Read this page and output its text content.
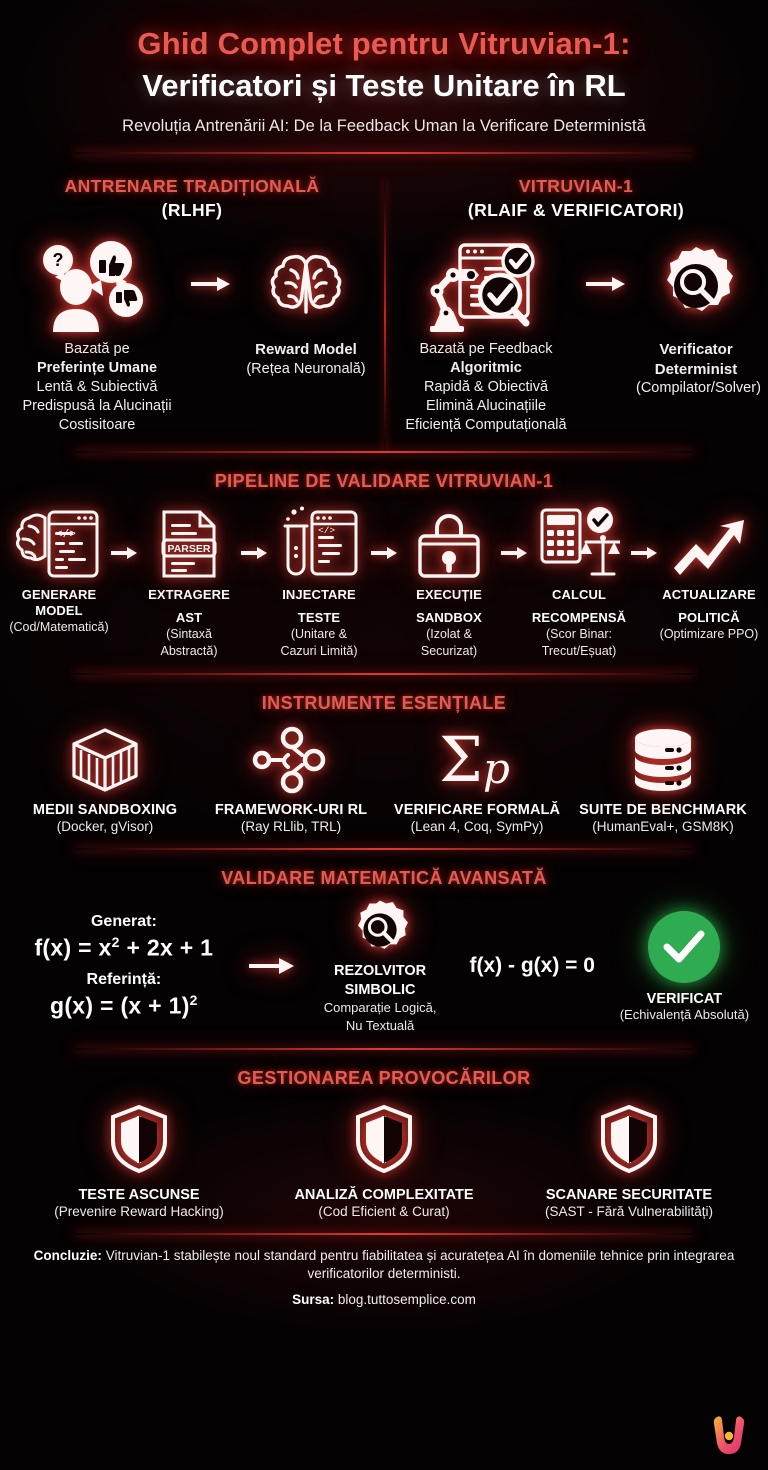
Ghid Complet pentru Vitruvian-1:
Verificatori și Teste Unitare în RL
Revoluția Antrenării AI: De la Feedback Uman la Verificare Deterministă
ANTRENARE TRADIȚIONALĂ
(RLHF)
?
Bazată pe
Preferințe Umane
Lentă & Subiectivă
Predispusă la Alucinații
Costisitoare
Reward Model
(Rețea Neuronală)
VITRUVIAN-1
(RLAIF & VERIFICATORI)
Bazată pe Feedback
Algoritmic
Rapidă & Obiectivă
Elimină Alucinațiile
Eficiență Computațională
Verificator
Determinist
(Compilator/Solver)
PIPELINE DE VALIDARE VITRUVIAN-1
</>
GENERARE
MODEL
(Cod/Matematică)
PARSER
EXTRAGERE
AST
(Sintaxă
Abstractă)
</>
INJECTARE
TESTE
(Unitare &
Cazuri Limită)
EXECUȚIE
SANDBOX
(Izolat &
Securizat)
CALCUL
RECOMPENSĂ
(Scor Binar:
Trecut/Eșuat)
ACTUALIZARE
POLITICĂ
(Optimizare PPO)
INSTRUMENTE ESENȚIALE
MEDII SANDBOXING
(Docker, gVisor)
FRAMEWORK-URI RL
(Ray RLlib, TRL)
Σ p
VERIFICARE FORMALĂ
(Lean 4, Coq, SymPy)
SUITE DE BENCHMARK
(HumanEval+, GSM8K)
VALIDARE MATEMATICĂ AVANSATĂ
Generat:
$f(x) = x^2 + 2x + 1$
Referință:
$g(x) = (x + 1)^2$
REZOLVITOR
SIMBOLIC
Comparație Logică,
Nu Textuală
f(x) - g(x) = 0
VERIFICAT
(Echivalență Absolută)
GESTIONAREA PROVOCĂRILOR
TESTE ASCUNSE
(Prevenire Reward Hacking)
ANALIZĂ COMPLEXITATE
(Cod Eficient & Curat)
SCANARE SECURITATE
(SAST - Fără Vulnerabilități)
Concluzie: Vitruvian-1 stabilește noul standard pentru fiabilitatea și acuratețea AI în domeniile tehnice prin integrarea verificatorilor deterministi.
Sursa: blog.tuttosemplice.com
